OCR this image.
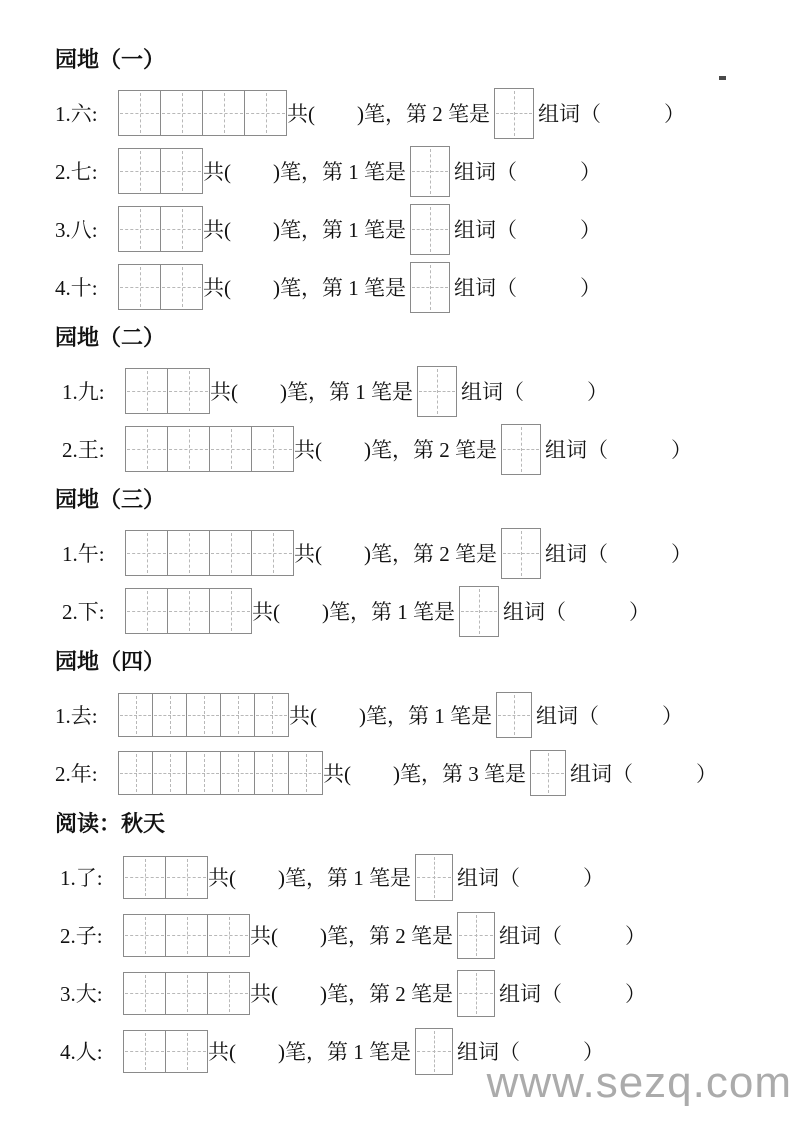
园地（一）
1.六:	共(　　)笔，第 2 笔是 组词（　　　）
2.七:	共(　　)笔，第 1 笔是 组词（　　　）
3.八:	共(　　)笔，第 1 笔是 组词（　　　）
4.十:	共(　　)笔，第 1 笔是 组词（　　　）
园地（二）
1.九:	共(　　)笔，第 1 笔是 组词（　　　）
2.王:	共(　　)笔，第 2 笔是 组词（　　　）
园地（三）
1.午:	共(　　)笔，第 2 笔是 组词（　　　）
2.下:	共(　　)笔，第 1 笔是 组词（　　　）
园地（四）
1.去:	共(　　)笔，第 1 笔是 组词（　　　）
2.年:	共(　　)笔，第 3 笔是 组词（　　　）
阅读：秋天
1.了:	共(　　)笔，第 1 笔是 组词（　　　）
2.子:	共(　　)笔，第 2 笔是 组词（　　　）
3.大:	共(　　)笔，第 2 笔是 组词（　　　）
4.人:	共(　　)笔，第 1 笔是 组词（　　　）
www.sezq.com
